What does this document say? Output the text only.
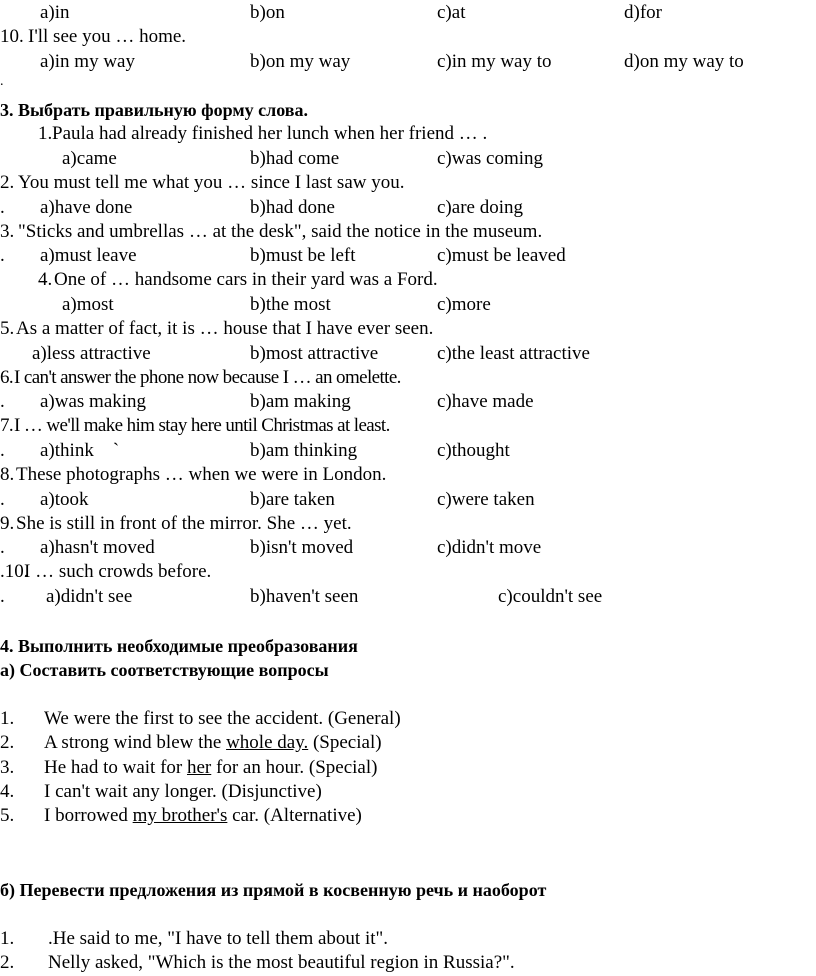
a)in	b)on	c)at	d)for
10. I'll see you … home.
a)in my way	b)on my way	c)in my way to	d)on my way to
.
3. Выбрать правильную форму слова.
1. Paula had already finished her lunch when her friend … .
a)came	b)had come	c)was coming
2. You must tell me what you … since I last saw you.
. a)have done	b)had done	c)are doing
3. "Sticks and umbrellas … at the desk", said the notice in the museum.
. a)must leave	b)must be left	c)must be leaved
4. One of … handsome cars in their yard was a Ford.
a)most	b)the most	c)more
5. As a matter of fact, it is … house that I have ever seen.
a)less attractive	b)most attractive	c)the least attractive
6. I can't answer the phone now because I … an omelette.
. a)was making	b)am making	c)have made
7. I … we'll make him stay here until Christmas at least.
. a)think    `	b)am thinking	c)thought
8. These photographs … when we were in London.
. a)took	b)are taken	c)were taken
9. She is still in front of the mirror. She … yet.
. a)hasn't moved	b)isn't moved	c)didn't move
.10.
I … such crowds before.
. a)didn't see	b)haven't seen	c)couldn't see
4. Выполнить необходимые преобразования
а) Составить соответствующие вопросы
1. We were the first to see the accident. (General)
2. A strong wind blew the whole day. (Special)
3. He had to wait for her for an hour. (Special)
4. I can't wait any longer. (Disjunctive)
5. I borrowed my brother's car. (Alternative)
б) Перевести предложения из прямой в косвенную речь и наоборот
1. .He said to me, "I have to tell them about it".
2. Nelly asked, "Which is the most beautiful region in Russia?".
